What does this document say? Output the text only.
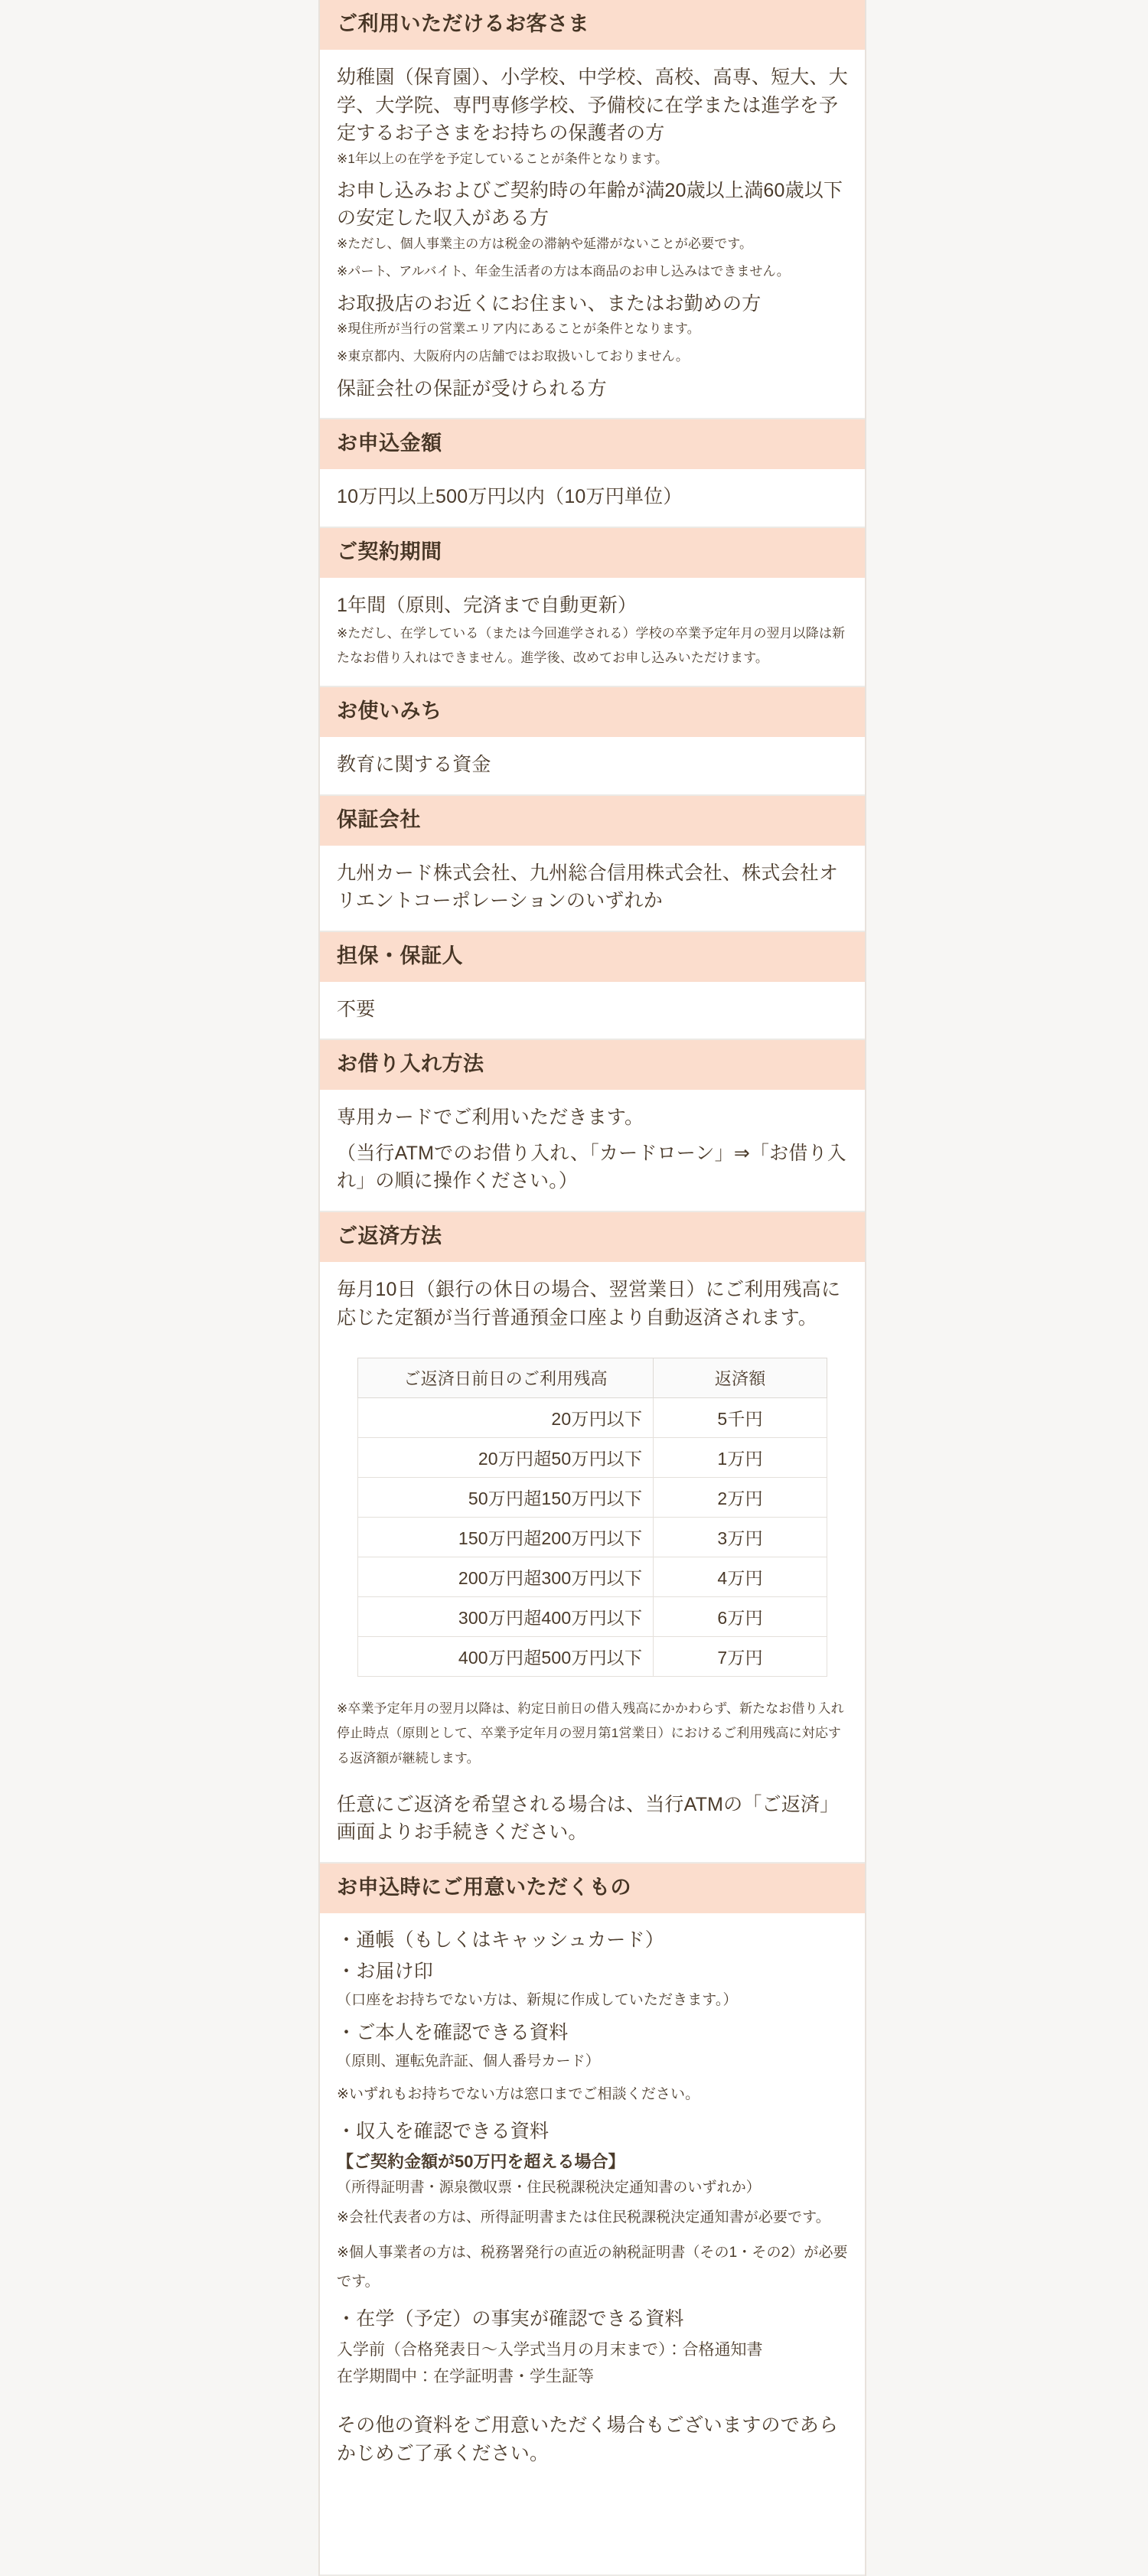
ご利用いただけるお客さま

幼稚園（保育園）、小学校、中学校、高校、高専、短大、大学、大学院、専門専修学校、予備校に在学または進学を予定するお子さまをお持ちの保護者の方

※1年以上の在学を予定していることが条件となります。

お申し込みおよびご契約時の年齢が満20歳以上満60歳以下の安定した収入がある方

※ただし、個人事業主の方は税金の滞納や延滞がないことが必要です。

※パート、アルバイト、年金生活者の方は本商品のお申し込みはできません。

お取扱店のお近くにお住まい、またはお勤めの方

※現住所が当行の営業エリア内にあることが条件となります。

※東京都内、大阪府内の店舗ではお取扱いしておりません。

保証会社の保証が受けられる方

お申込金額

10万円以上500万円以内（10万円単位）

ご契約期間

1年間（原則、完済まで自動更新）

※ただし、在学している（または今回進学される）学校の卒業予定年月の翌月以降は新たなお借り入れはできません。進学後、改めてお申し込みいただけます。

お使いみち

教育に関する資金

保証会社

九州カード株式会社、九州総合信用株式会社、株式会社オリエントコーポレーションのいずれか

担保・保証人

不要

お借り入れ方法

専用カードでご利用いただきます。

（当行ATMでのお借り入れ、「カードローン」⇒「お借り入れ」の順に操作ください。）

ご返済方法

毎月10日（銀行の休日の場合、翌営業日）にご利用残高に応じた定額が当行普通預金口座より自動返済されます。

ご返済日前日のご利用残高	返済額
20万円以下	5千円
20万円超50万円以下	1万円
50万円超150万円以下	2万円
150万円超200万円以下	3万円
200万円超300万円以下	4万円
300万円超400万円以下	6万円
400万円超500万円以下	7万円

※卒業予定年月の翌月以降は、約定日前日の借入残高にかかわらず、新たなお借り入れ停止時点（原則として、卒業予定年月の翌月第1営業日）におけるご利用残高に対応する返済額が継続します。

任意にご返済を希望される場合は、当行ATMの「ご返済」画面よりお手続きください。

お申込時にご用意いただくもの

・通帳（もしくはキャッシュカード）

・お届け印

（口座をお持ちでない方は、新規に作成していただきます。）

・ご本人を確認できる資料

（原則、運転免許証、個人番号カード）

※いずれもお持ちでない方は窓口までご相談ください。

・収入を確認できる資料

【ご契約金額が50万円を超える場合】

（所得証明書・源泉徴収票・住民税課税決定通知書のいずれか）

※会社代表者の方は、所得証明書または住民税課税決定通知書が必要です。

※個人事業者の方は、税務署発行の直近の納税証明書（その1・その2）が必要です。

・在学（予定）の事実が確認できる資料

入学前（合格発表日〜入学式当月の月末まで）：合格通知書

在学期間中：在学証明書・学生証等

その他の資料をご用意いただく場合もございますのであらかじめご了承ください。
